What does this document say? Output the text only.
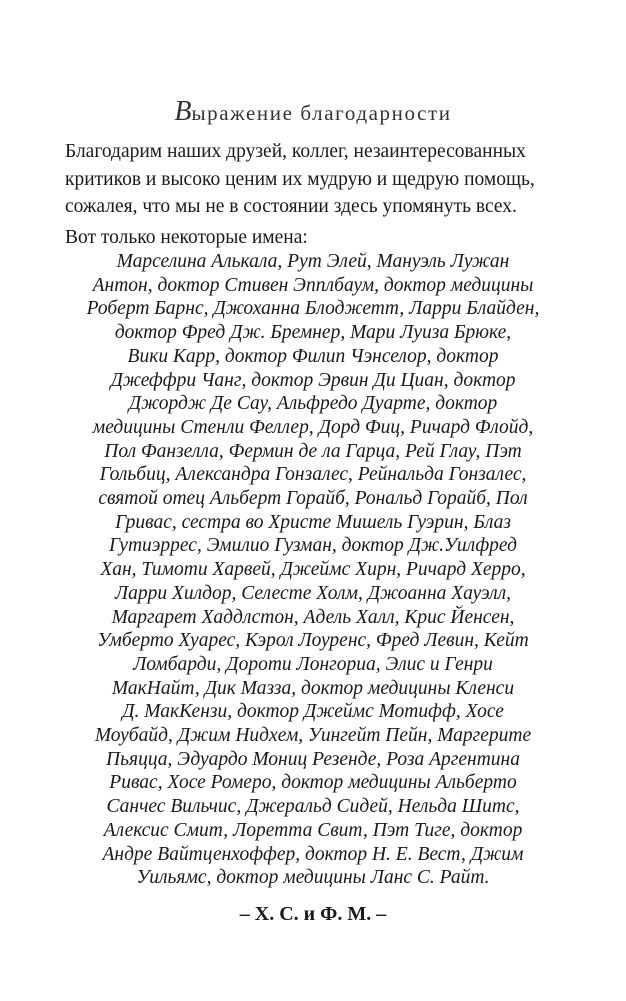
Выражение благодарности
Благодарим наших друзей, коллег, незаинтересованных
критиков и высоко ценим их мудрую и щедрую помощь,
сожалея, что мы не в состоянии здесь упомянуть всех.
Вот только некоторые имена:
Марселина Алькала, Рут Элей, Мануэль Лужан
Антон, доктор Стивен Эпплбаум, доктор медицины
Роберт Барнс, Джоханна Блоджетт, Ларри Блайден,
доктор Фред Дж. Бремнер, Мари Луиза Брюке,
Вики Карр, доктор Филип Чэнселор, доктор
Джеффри Чанг, доктор Эрвин Ди Циан, доктор
Джордж Де Сау, Альфредо Дуарте, доктор
медицины Стенли Феллер, Дорд Фиц, Ричард Флойд,
Пол Фанзелла, Фермин де ла Гарца, Рей Глау, Пэт
Гольбиц, Александра Гонзалес, Рейнальда Гонзалес,
святой отец Альберт Горайб, Рональд Горайб, Пол
Гривас, сестра во Христе Мишель Гуэрин, Блаз
Гутиэррес, Эмилио Гузман, доктор Дж.Уилфред
Хан, Тимоти Харвей, Джеймс Хирн, Ричард Херро,
Ларри Хилдор, Селесте Холм, Джоанна Хауэлл,
Маргарет Хаддлстон, Адель Халл, Крис Йенсен,
Умберто Хуарес, Кэрол Лоуренс, Фред Левин, Кейт
Ломбарди, Дороти Лонгориа, Элис и Генри
МакНайт, Дик Мазза, доктор медицины Кленси
Д. МакКензи, доктор Джеймс Мотифф, Хосе
Моубайд, Джим Нидхем, Уингейт Пейн, Маргерите
Пьяцца, Эдуардо Мониц Резенде, Роза Аргентина
Ривас, Хосе Ромеро, доктор медицины Альберто
Санчес Вильчис, Джеральд Сидей, Нельда Шитс,
Алексис Смит, Лоретта Свит, Пэт Тиге, доктор
Андре Вайтценхоффер, доктор Н. Е. Вест, Джим
Уильямс, доктор медицины Ланс С. Райт.
– Х. С. и Ф. М. –
